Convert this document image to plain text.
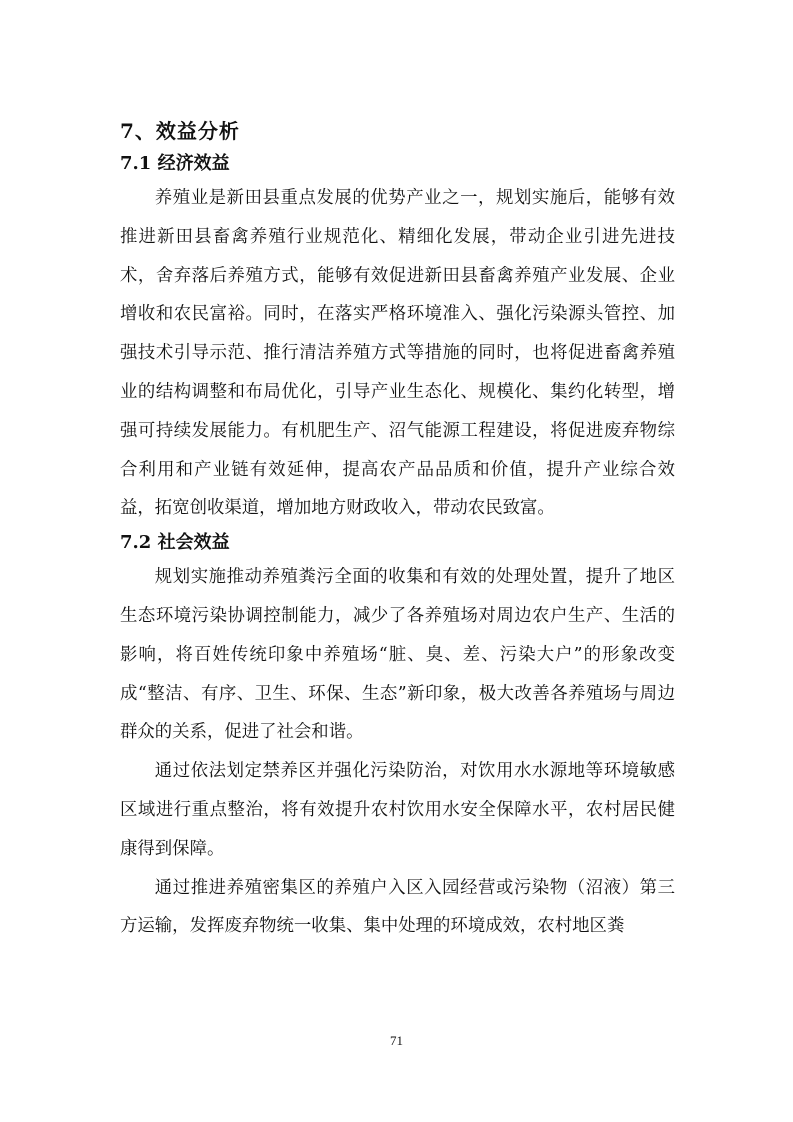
7、效益分析
7.1 经济效益

养殖业是新田县重点发展的优势产业之一，规划实施后，能够有效推进新田县畜禽养殖行业规范化、精细化发展，带动企业引进先进技术，舍弃落后养殖方式，能够有效促进新田县畜禽养殖产业发展、企业增收和农民富裕。同时，在落实严格环境准入、强化污染源头管控、加强技术引导示范、推行清洁养殖方式等措施的同时，也将促进畜禽养殖业的结构调整和布局优化，引导产业生态化、规模化、集约化转型，增强可持续发展能力。有机肥生产、沼气能源工程建设，将促进废弃物综合利用和产业链有效延伸，提高农产品品质和价值，提升产业综合效益，拓宽创收渠道，增加地方财政收入，带动农民致富。

7.2 社会效益

规划实施推动养殖粪污全面的收集和有效的处理处置，提升了地区生态环境污染协调控制能力，减少了各养殖场对周边农户生产、生活的影响，将百姓传统印象中养殖场“脏、臭、差、污染大户”的形象改变成“整洁、有序、卫生、环保、生态”新印象，极大改善各养殖场与周边群众的关系，促进了社会和谐。

通过依法划定禁养区并强化污染防治，对饮用水水源地等环境敏感区域进行重点整治，将有效提升农村饮用水安全保障水平，农村居民健康得到保障。

通过推进养殖密集区的养殖户入区入园经营或污染物（沼液）第三方运输，发挥废弃物统一收集、集中处理的环境成效，农村地区粪

71
